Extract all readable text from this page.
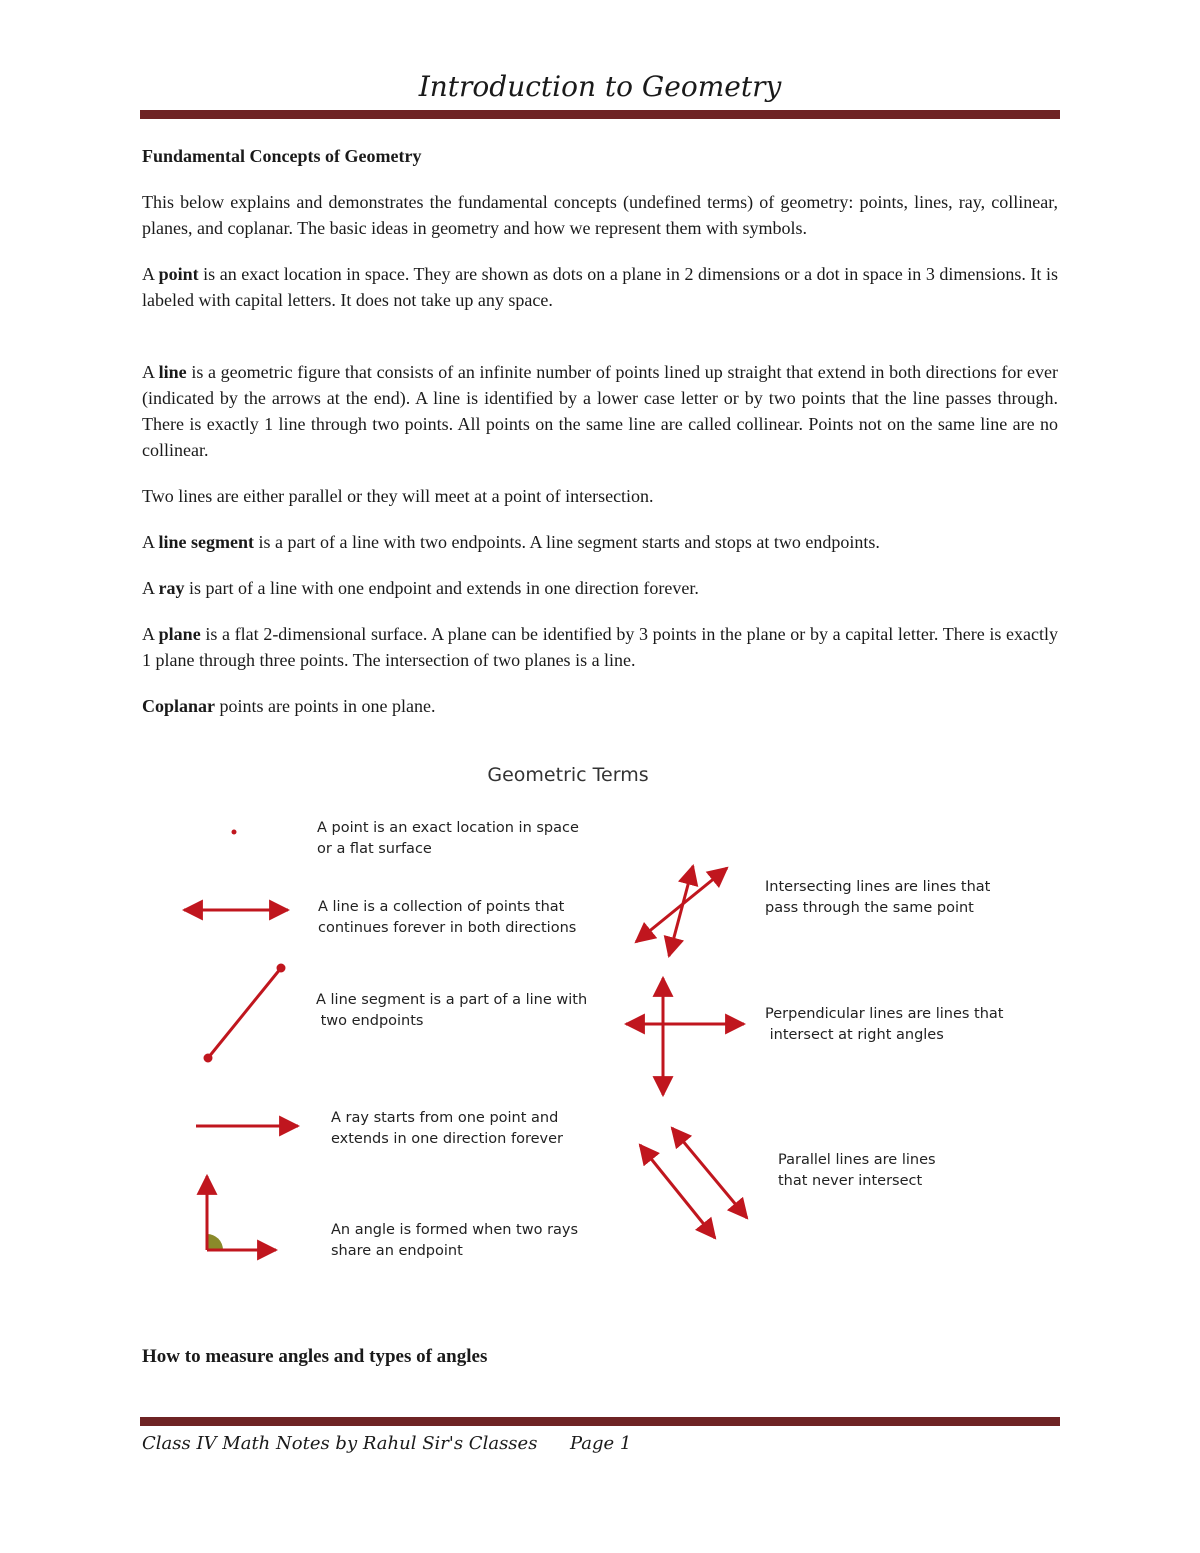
Introduction to Geometry
Fundamental Concepts of Geometry

This below explains and demonstrates the fundamental concepts (undefined terms) of geometry: points, lines, ray, collinear, planes, and coplanar. The basic ideas in geometry and how we represent them with symbols.

A point is an exact location in space. They are shown as dots on a plane in 2 dimensions or a dot in space in 3 dimensions. It is labeled with capital letters. It does not take up any space.

A line is a geometric figure that consists of an infinite number of points lined up straight that extend in both directions for ever (indicated by the arrows at the end). A line is identified by a lower case letter or by two points that the line passes through. There is exactly 1 line through two points. All points on the same line are called collinear. Points not on the same line are no collinear.

Two lines are either parallel or they will meet at a point of intersection.

A line segment is a part of a line with two endpoints. A line segment starts and stops at two endpoints.

A ray is part of a line with one endpoint and extends in one direction forever.

A plane is a flat 2-dimensional surface. A plane can be identified by 3 points in the plane or by a capital letter. There is exactly 1 plane through three points. The intersection of two planes is a line.

Coplanar points are points in one plane.

Geometric Terms
A point is an exact location in space
or a flat surface
A line is a collection of points that
continues forever in both directions
A line segment is a part of a line with
two endpoints
A ray starts from one point and
extends in one direction forever
An angle is formed when two rays
share an endpoint
Intersecting lines are lines that
pass through the same point
Perpendicular lines are lines that
intersect at right angles
Parallel lines are lines
that never intersect
How to measure angles and types of angles
Class IV Math Notes by Rahul Sir's Classes Page 1
